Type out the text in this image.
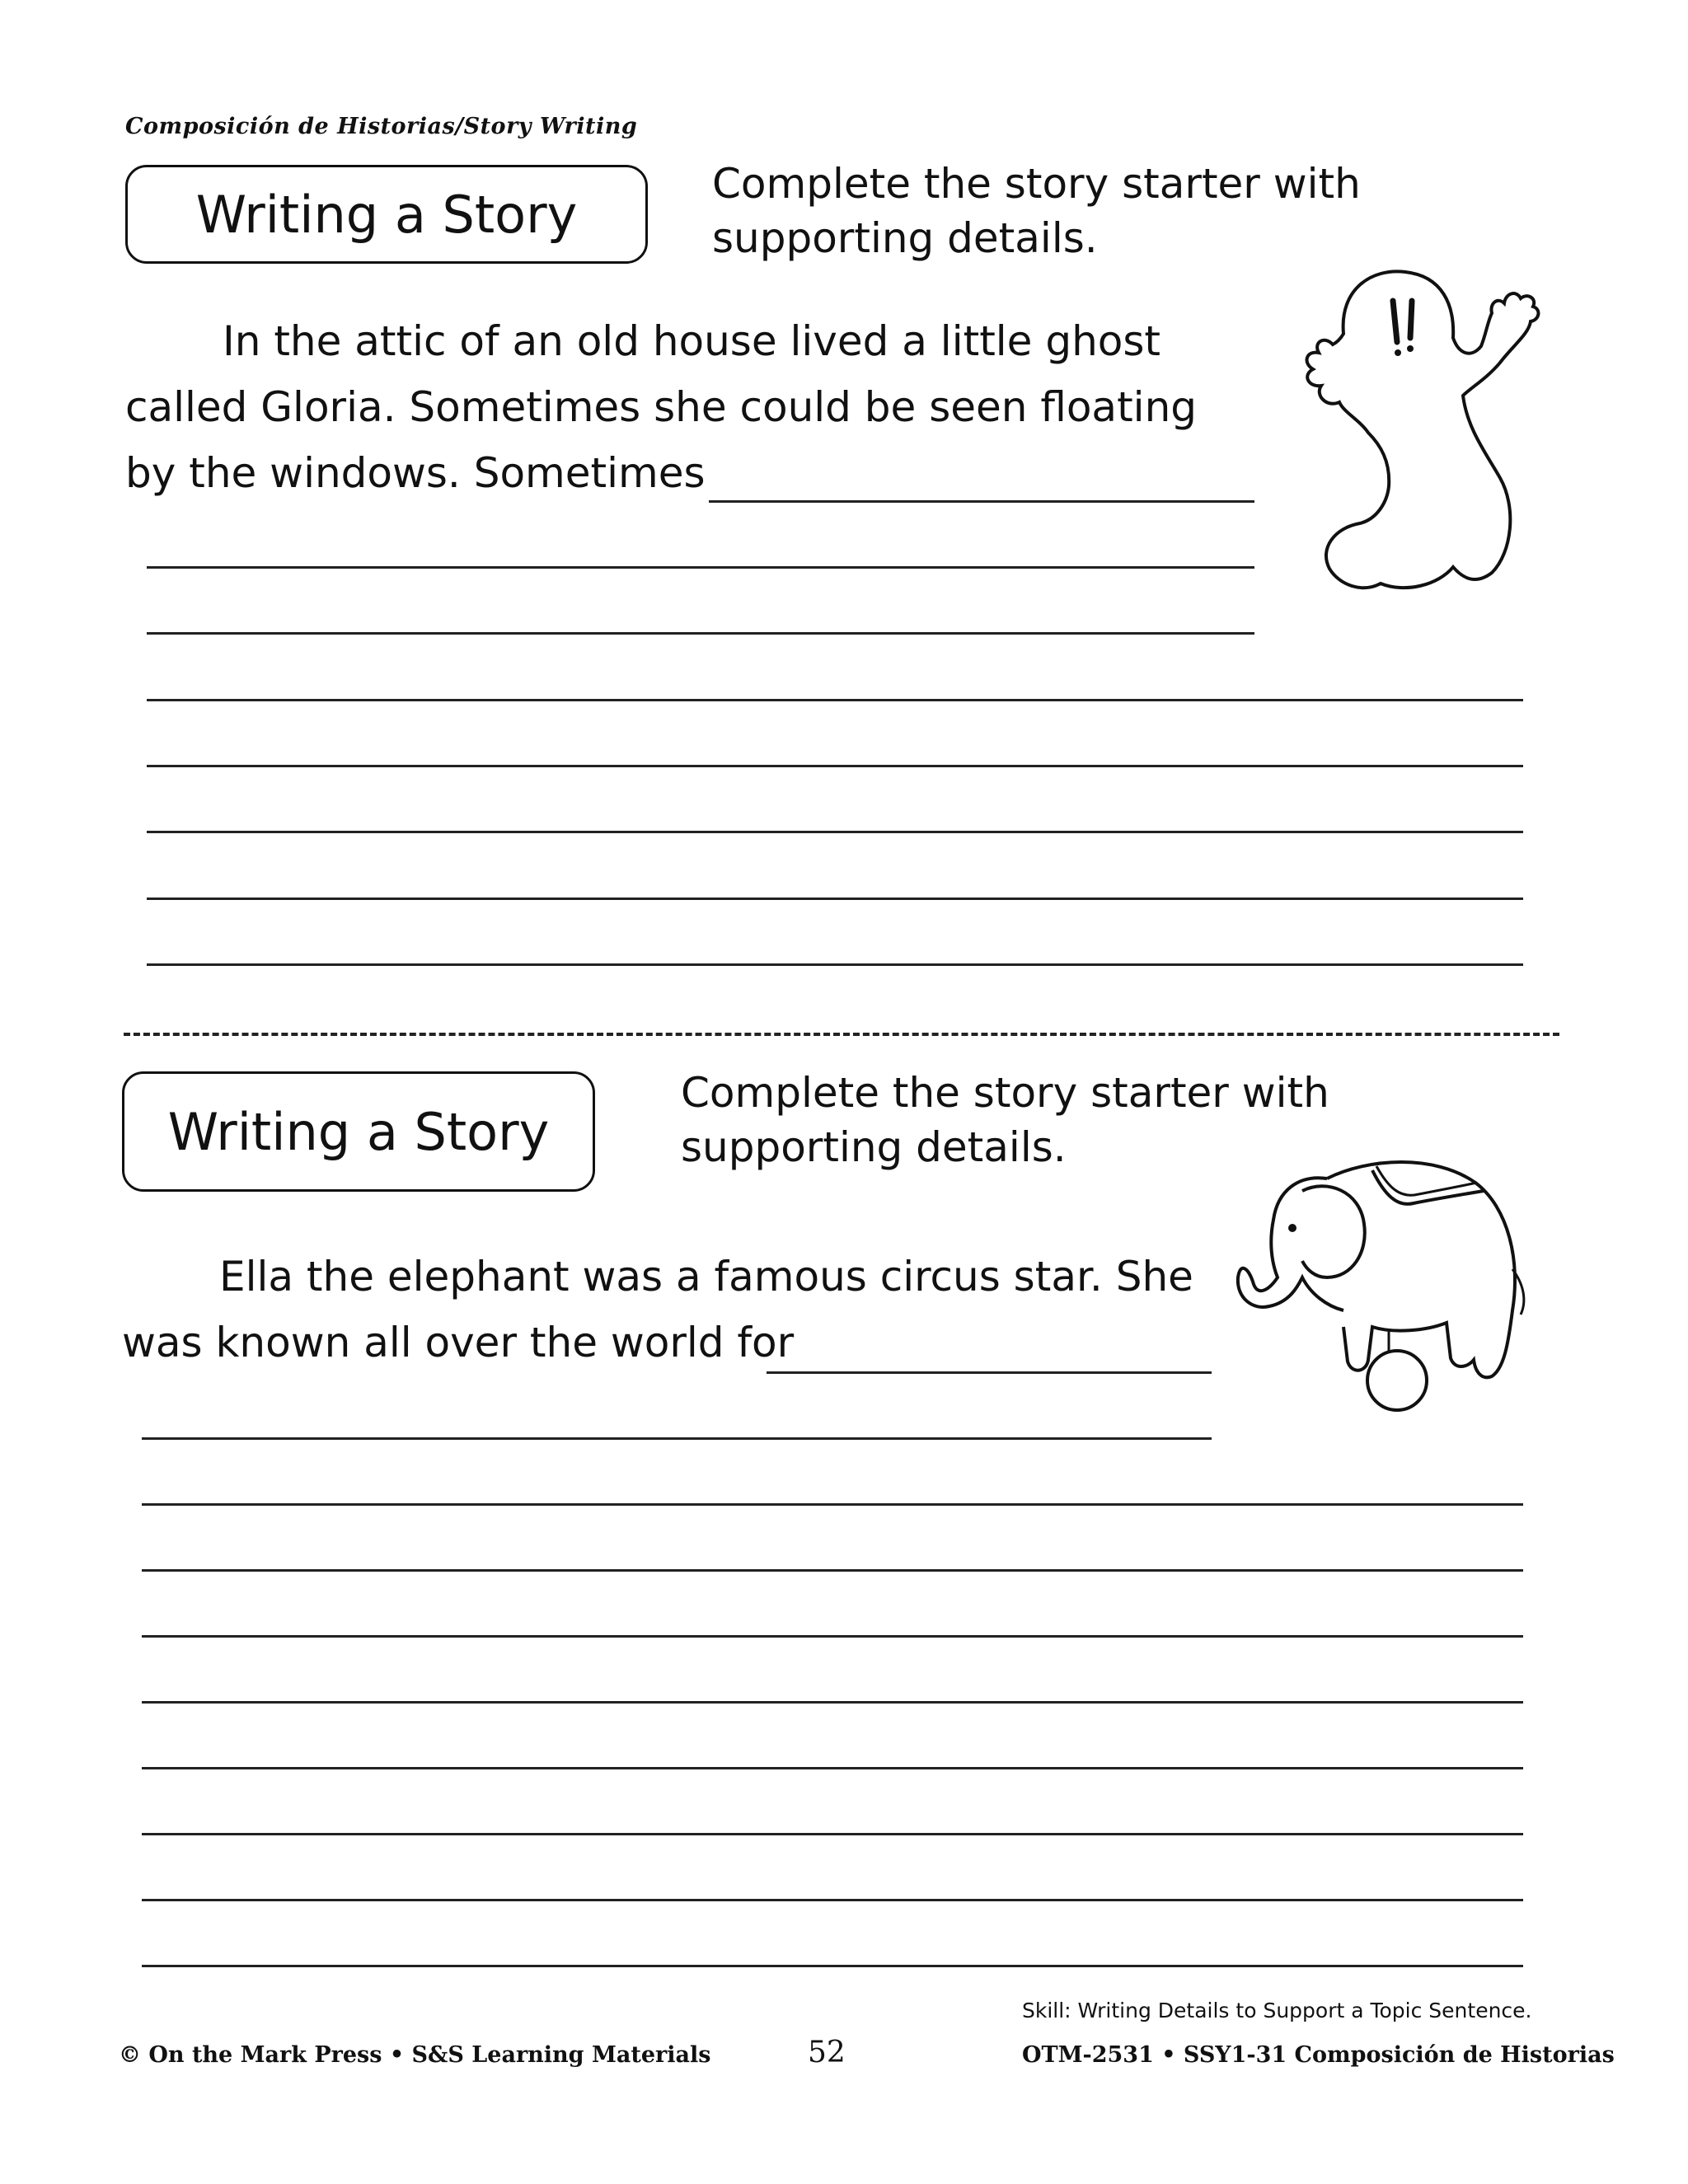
Composición de Historias/Story Writing
Writing a Story
Complete the story starter with supporting details.
In the attic of an old house lived a little ghost
called Gloria. Sometimes she could be seen floating
by the windows. Sometimes
Writing a Story
Complete the story starter with supporting details.
Ella the elephant was a famous circus star. She
was known all over the world for
Skill: Writing Details to Support a Topic Sentence.
© On the Mark Press • S&S Learning Materials	52	OTM-2531 • SSY1-31 Composición de Historias
